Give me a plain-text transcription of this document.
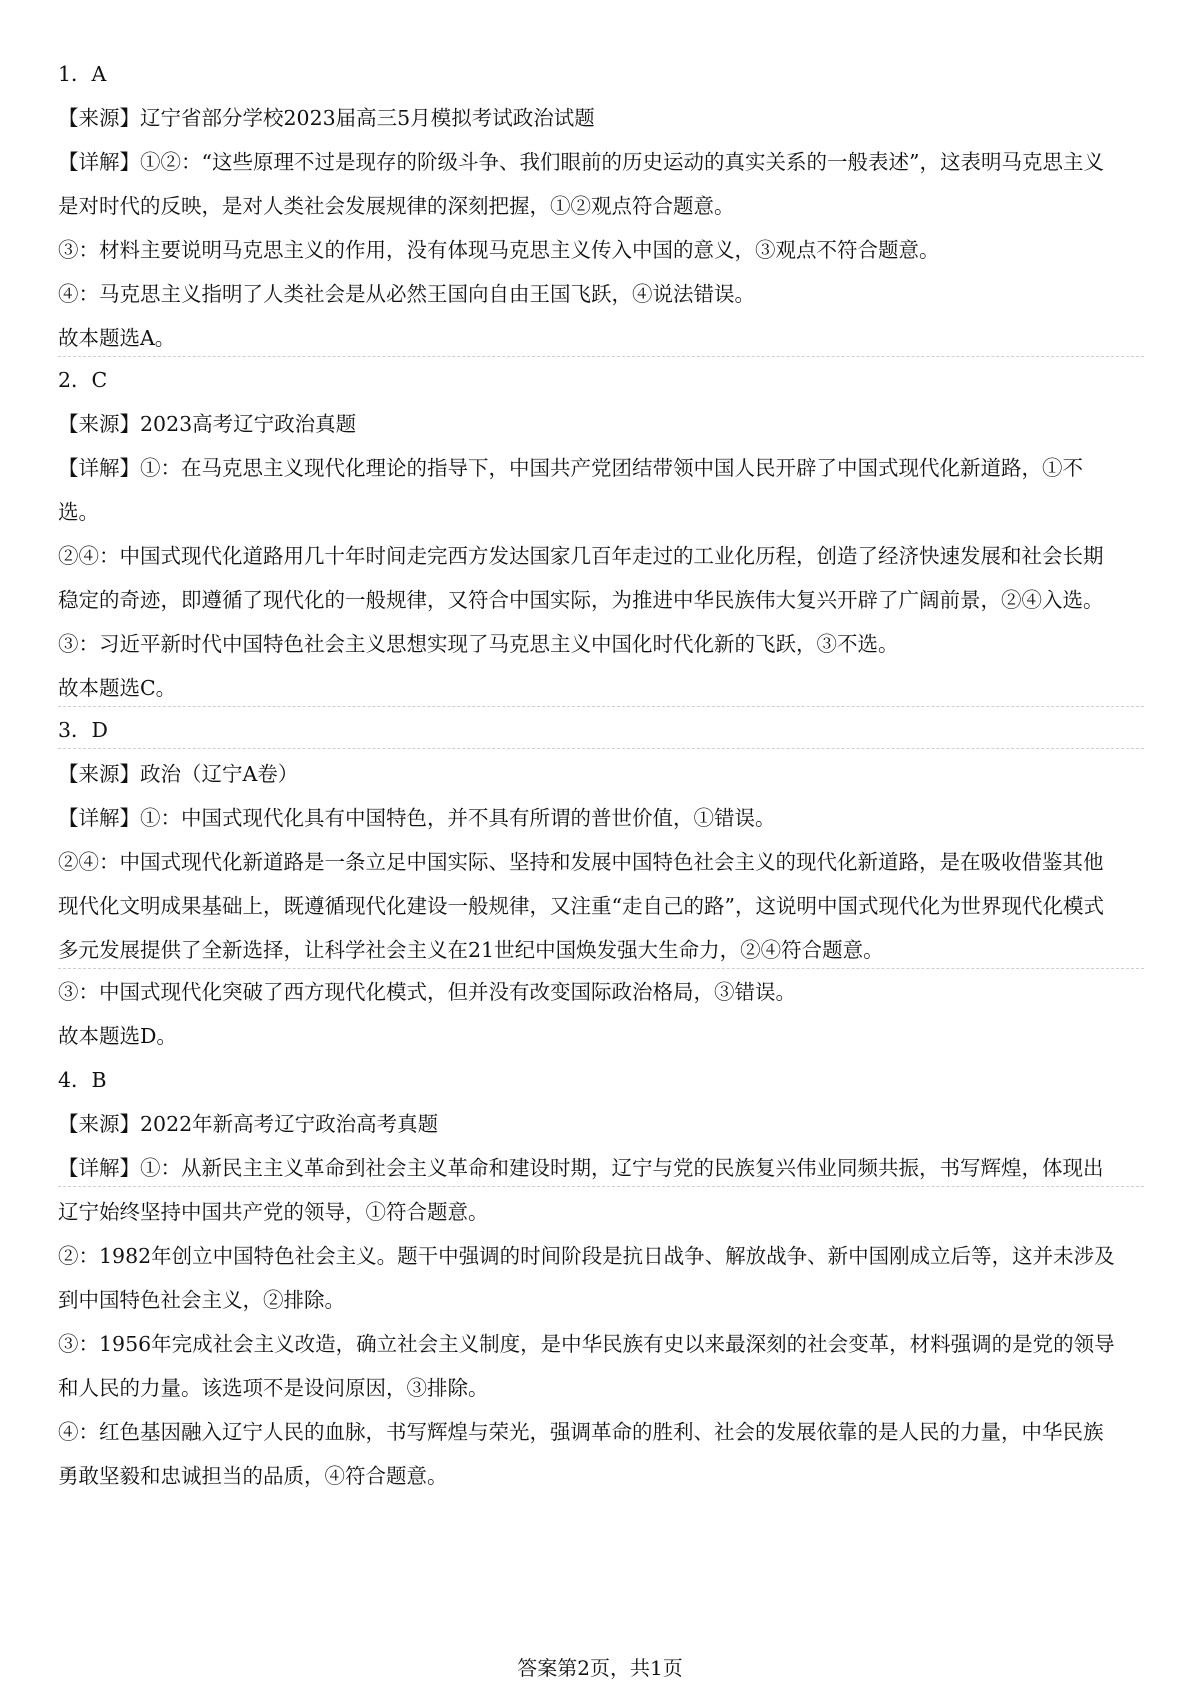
1．A
【来源】辽宁省部分学校2023届高三5月模拟考试政治试题
【详解】①②：“这些原理不过是现存的阶级斗争、我们眼前的历史运动的真实关系的一般表述”，这表明马克思主义
是对时代的反映，是对人类社会发展规律的深刻把握，①②观点符合题意。
③：材料主要说明马克思主义的作用，没有体现马克思主义传入中国的意义，③观点不符合题意。
④：马克思主义指明了人类社会是从必然王国向自由王国飞跃，④说法错误。
故本题选A。
2．C
【来源】2023高考辽宁政治真题
【详解】①：在马克思主义现代化理论的指导下，中国共产党团结带领中国人民开辟了中国式现代化新道路，①不
选。
②④：中国式现代化道路用几十年时间走完西方发达国家几百年走过的工业化历程，创造了经济快速发展和社会长期
稳定的奇迹，即遵循了现代化的一般规律，又符合中国实际，为推进中华民族伟大复兴开辟了广阔前景，②④入选。
③：习近平新时代中国特色社会主义思想实现了马克思主义中国化时代化新的飞跃，③不选。
故本题选C。
3．D
【来源】政治（辽宁A卷）
【详解】①：中国式现代化具有中国特色，并不具有所谓的普世价值，①错误。
②④：中国式现代化新道路是一条立足中国实际、坚持和发展中国特色社会主义的现代化新道路，是在吸收借鉴其他
现代化文明成果基础上，既遵循现代化建设一般规律，又注重“走自己的路”，这说明中国式现代化为世界现代化模式
多元发展提供了全新选择，让科学社会主义在21世纪中国焕发强大生命力，②④符合题意。
③：中国式现代化突破了西方现代化模式，但并没有改变国际政治格局，③错误。
故本题选D。
4．B
【来源】2022年新高考辽宁政治高考真题
【详解】①：从新民主主义革命到社会主义革命和建设时期，辽宁与党的民族复兴伟业同频共振，书写辉煌，体现出
辽宁始终坚持中国共产党的领导，①符合题意。
②：1982年创立中国特色社会主义。题干中强调的时间阶段是抗日战争、解放战争、新中国刚成立后等，这并未涉及
到中国特色社会主义，②排除。
③：1956年完成社会主义改造，确立社会主义制度，是中华民族有史以来最深刻的社会变革，材料强调的是党的领导
和人民的力量。该选项不是设问原因，③排除。
④：红色基因融入辽宁人民的血脉，书写辉煌与荣光，强调革命的胜利、社会的发展依靠的是人民的力量，中华民族
勇敢坚毅和忠诚担当的品质，④符合题意。
答案第2页，共1页
